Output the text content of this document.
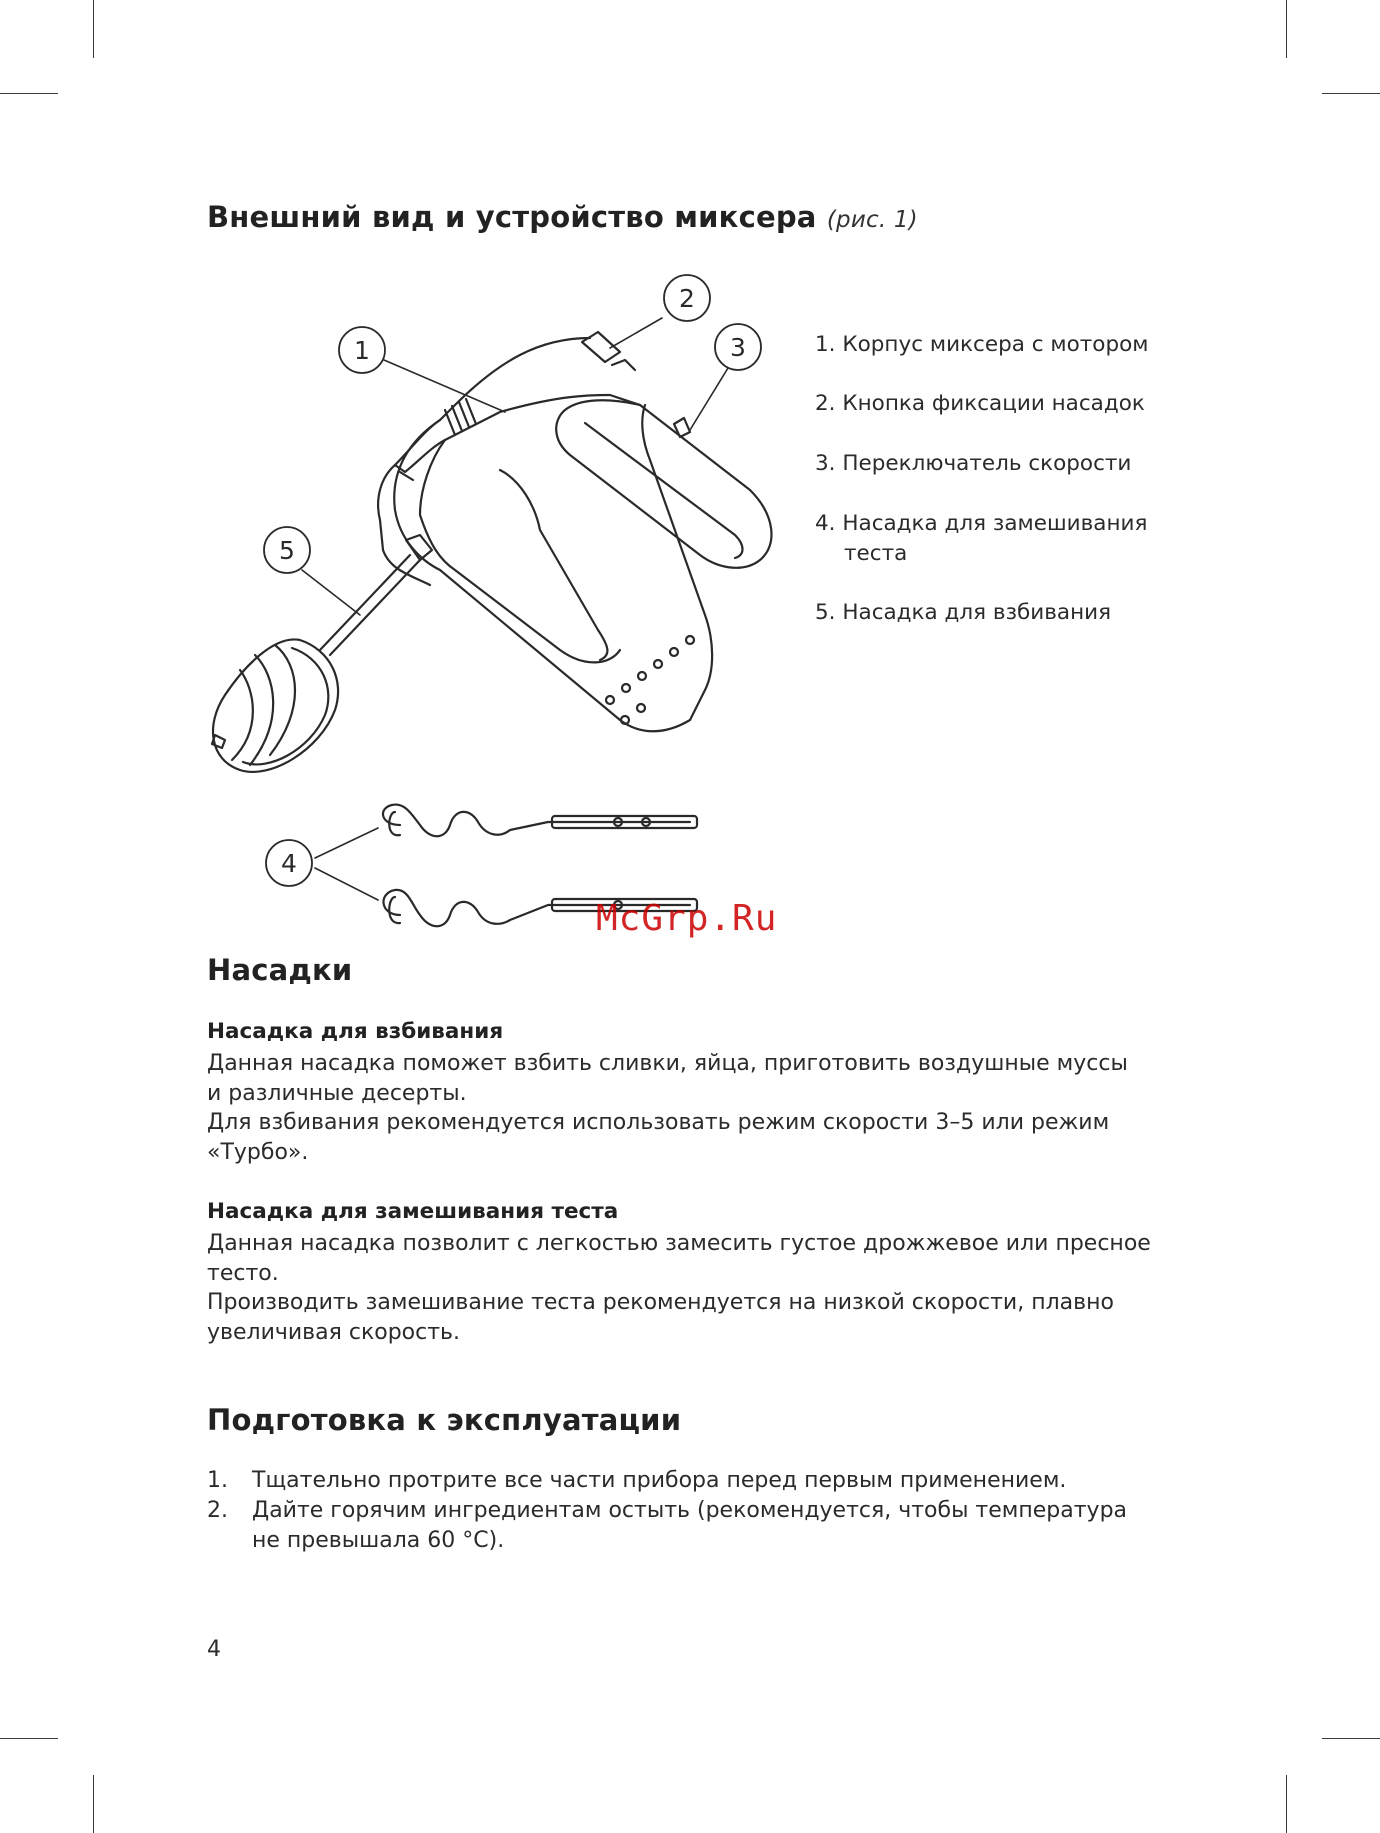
Внешний вид и устройство миксера (рис. 1)
1
2
3
4
5
1. Корпус миксера с мотором
2. Кнопка фиксации насадок
3. Переключатель скорости
4. Насадка для замешивания
теста
5. Насадка для взбивания
McGrp.Ru
Насадки
Насадка для взбивания
Данная насадка поможет взбить сливки, яйца, приготовить воздушные муссы
и различные десерты.
Для взбивания рекомендуется использовать режим скорости 3–5 или режим
«Турбо».
Насадка для замешивания теста
Данная насадка позволит с легкостью замесить густое дрожжевое или пресное
тесто.
Производить замешивание теста рекомендуется на низкой скорости, плавно
увеличивая скорость.
Подготовка к эксплуатации
1. Тщательно протрите все части прибора перед первым применением.
2. Дайте горячим ингредиентам остыть (рекомендуется, чтобы температура
не превышала 60 °C).
4
